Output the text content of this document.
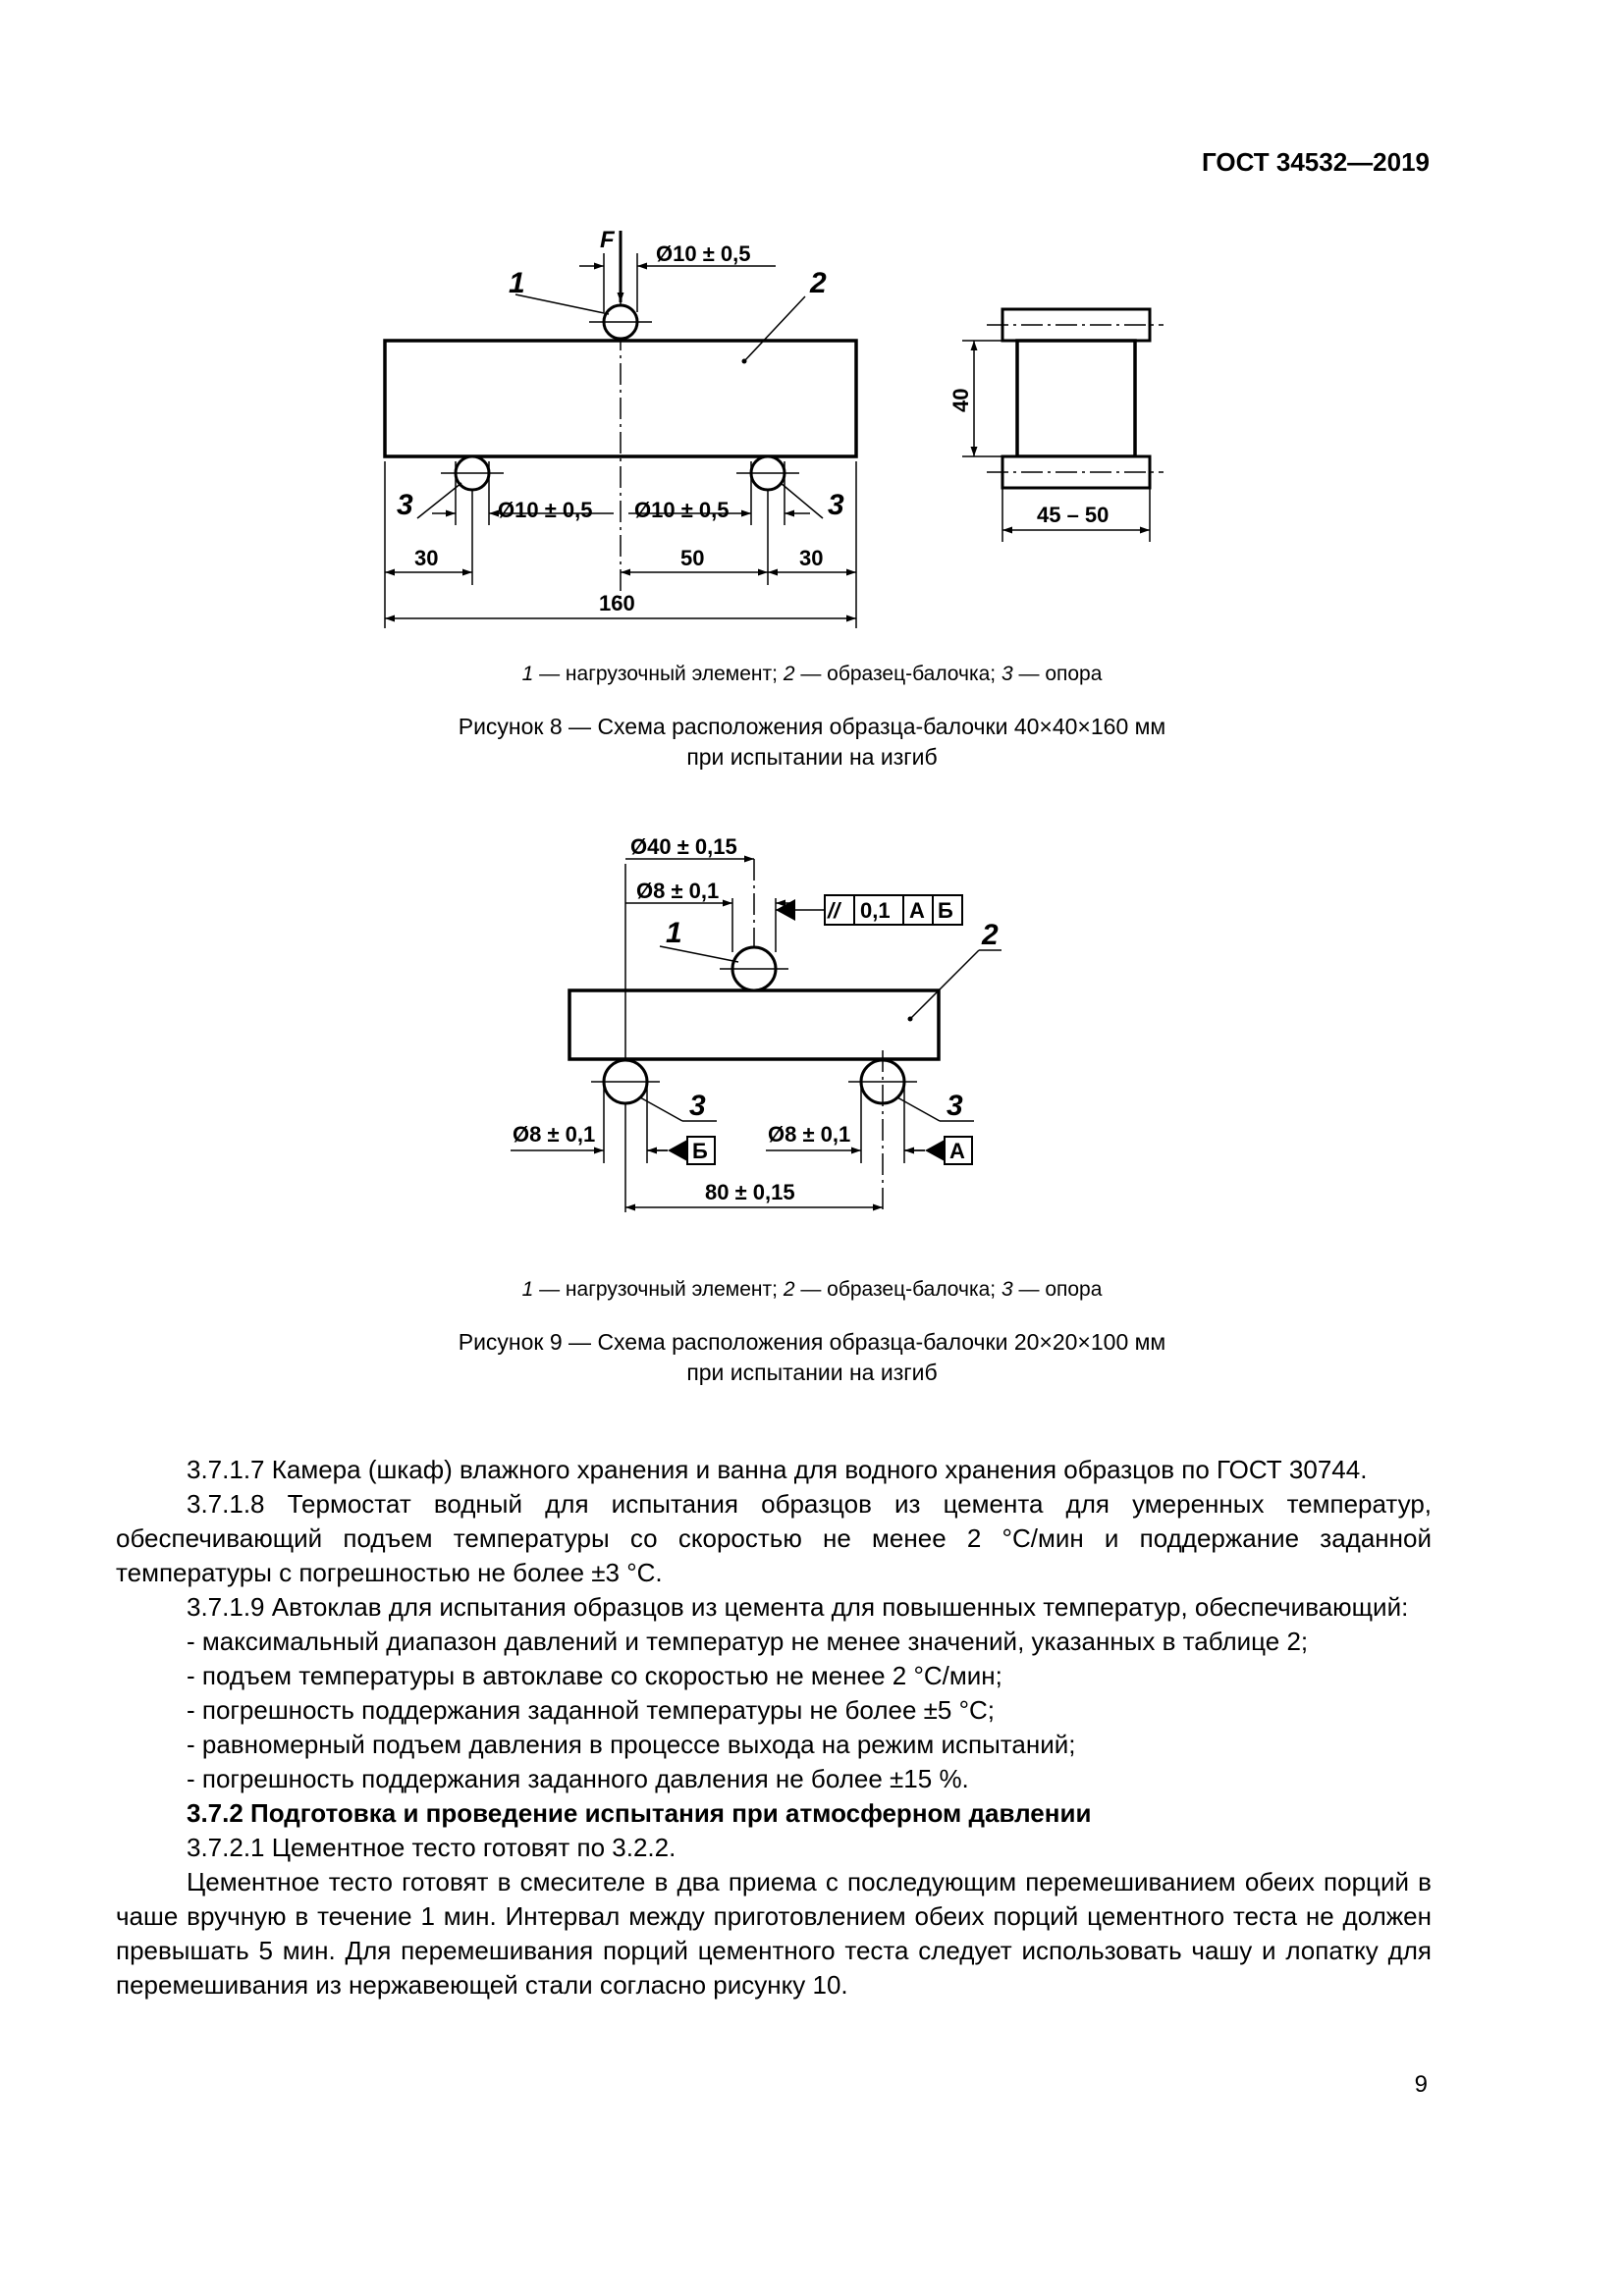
ГОСТ 34532—2019
F
Ø10 ± 0,5
1	2
Ø10 ± 0,5
3	Ø10 ± 0,5	3
30	50	30
160
40
45 – 50
1 — нагрузочный элемент; 2 — образец-балочка; 3 — опора
Рисунок 8 — Схема расположения образца-балочки 40×40×160 мм
при испытании на изгиб
Ø40 ± 0,15
Ø8 ± 0,1
// 0,1 А Б
1	2
Ø8 ± 0,1
Б
3
Ø8 ± 0,1
А
3
80 ± 0,15
1 — нагрузочный элемент; 2 — образец-балочка; 3 — опора
Рисунок 9 — Схема расположения образца-балочки 20×20×100 мм
при испытании на изгиб

3.7.1.7 Камера (шкаф) влажного хранения и ванна для водного хранения образцов по ГОСТ 30744.

3.7.1.8 Термостат водный для испытания образцов из цемента для умеренных температур, обеспечивающий подъем температуры со скоростью не менее 2 °С/мин и поддержание заданной температуры с погрешностью не более ±3 °С.

3.7.1.9 Автоклав для испытания образцов из цемента для повышенных температур, обеспечивающий:

- максимальный диапазон давлений и температур не менее значений, указанных в таблице 2;

- подъем температуры в автоклаве со скоростью не менее 2 °С/мин;

- погрешность поддержания заданной температуры не более ±5 °С;

- равномерный подъем давления в процессе выхода на режим испытаний;

- погрешность поддержания заданного давления не более ±15 %.

3.7.2 Подготовка и проведение испытания при атмосферном давлении

3.7.2.1 Цементное тесто готовят по 3.2.2.

Цементное тесто готовят в смесителе в два приема с последующим перемешиванием обеих порций в чаше вручную в течение 1 мин. Интервал между приготовлением обеих порций цементного теста не должен превышать 5 мин. Для перемешивания порций цементного теста следует использовать чашу и лопатку для перемешивания из нержавеющей стали согласно рисунку 10.

9
